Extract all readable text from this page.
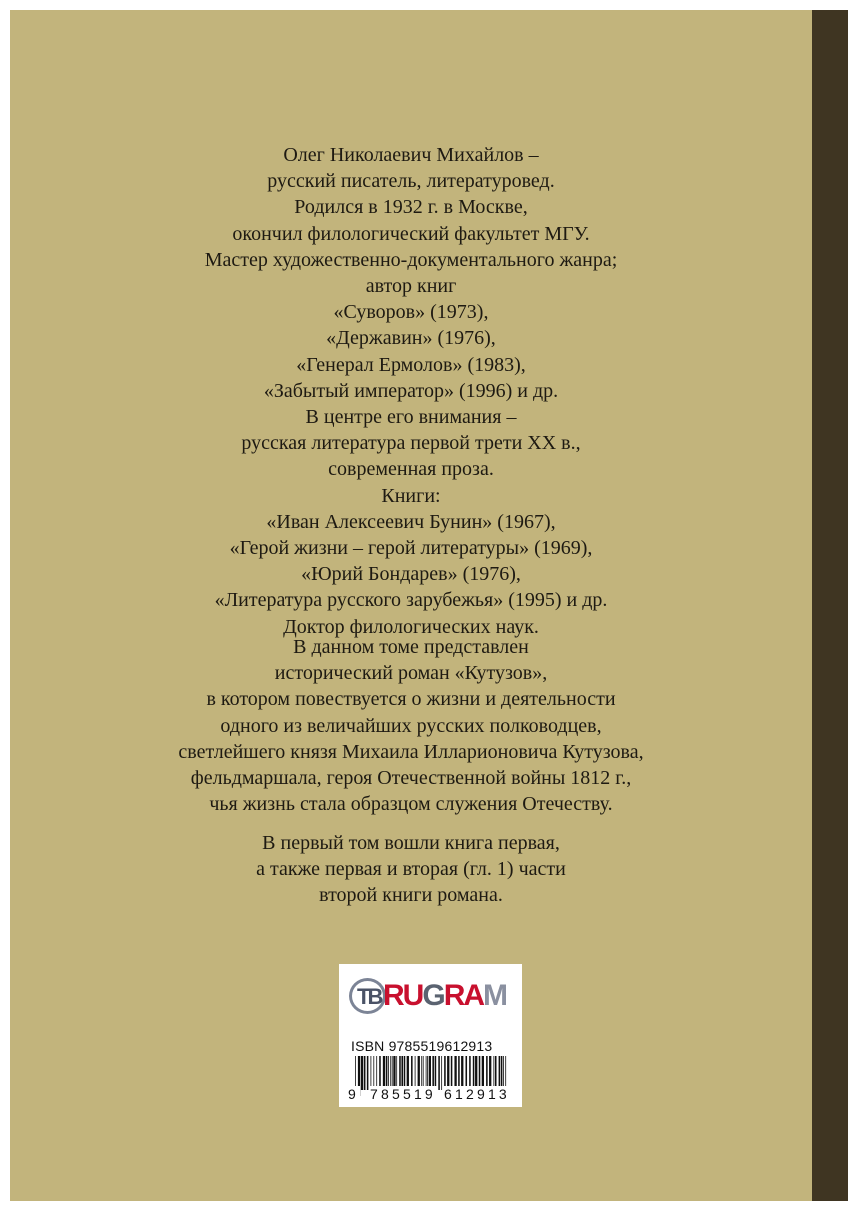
Олег Николаевич Михайлов –
русский писатель, литературовед.
Родился в 1932 г. в Москве,
окончил филологический факультет МГУ.
Мастер художественно-документального жанра;
автор книг
«Суворов» (1973),
«Державин» (1976),
«Генерал Ермолов» (1983),
«Забытый император» (1996) и др.
В центре его внимания –
русская литература первой трети XX в.,
современная проза.
Книги:
«Иван Алексеевич Бунин» (1967),
«Герой жизни – герой литературы» (1969),
«Юрий Бондарев» (1976),
«Литература русского зарубежья» (1995) и др.
Доктор филологических наук.
В данном томе представлен
исторический роман «Кутузов»,
в котором повествуется о жизни и деятельности
одного из величайших русских полководцев,
светлейшего князя Михаила Илларионовича Кутузова,
фельдмаршала, героя Отечественной войны 1812 г.,
чья жизнь стала образцом служения Отечеству.
В первый том вошли книга первая,
а также первая и вторая (гл. 1) части
второй книги романа.
TB RUGRAM
ISBN 9785519612913
9 785519 612913
